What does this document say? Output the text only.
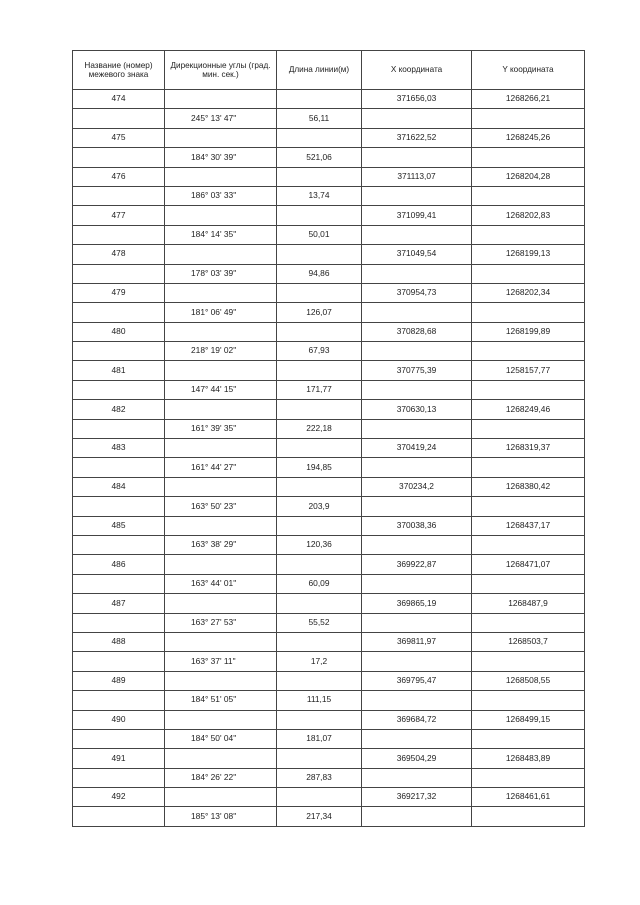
Название (номер) межевого знака	Дирекционные углы (град. мин. сек.)	Длина линии(м)	X координата	Y координата
474			371656,03	1268266,21
	245° 13' 47"	56,11		
475			371622,52	1268245,26
	184° 30' 39"	521,06		
476			371113,07	1268204,28
	186° 03' 33"	13,74		
477			371099,41	1268202,83
	184° 14' 35"	50,01		
478			371049,54	1268199,13
	178° 03' 39"	94,86		
479			370954,73	1268202,34
	181° 06' 49"	126,07		
480			370828,68	1268199,89
	218° 19' 02"	67,93		
481			370775,39	1258157,77
	147° 44' 15"	171,77		
482			370630,13	1268249,46
	161° 39' 35"	222,18		
483			370419,24	1268319,37
	161° 44' 27"	194,85		
484			370234,2	1268380,42
	163° 50' 23"	203,9		
485			370038,36	1268437,17
	163° 38' 29"	120,36		
486			369922,87	1268471,07
	163° 44' 01"	60,09		
487			369865,19	1268487,9
	163° 27' 53"	55,52		
488			369811,97	1268503,7
	163° 37' 11"	17,2		
489			369795,47	1268508,55
	184° 51' 05"	111,15		
490			369684,72	1268499,15
	184° 50' 04"	181,07		
491			369504,29	1268483,89
	184° 26' 22"	287,83		
492			369217,32	1268461,61
	185° 13' 08"	217,34		
